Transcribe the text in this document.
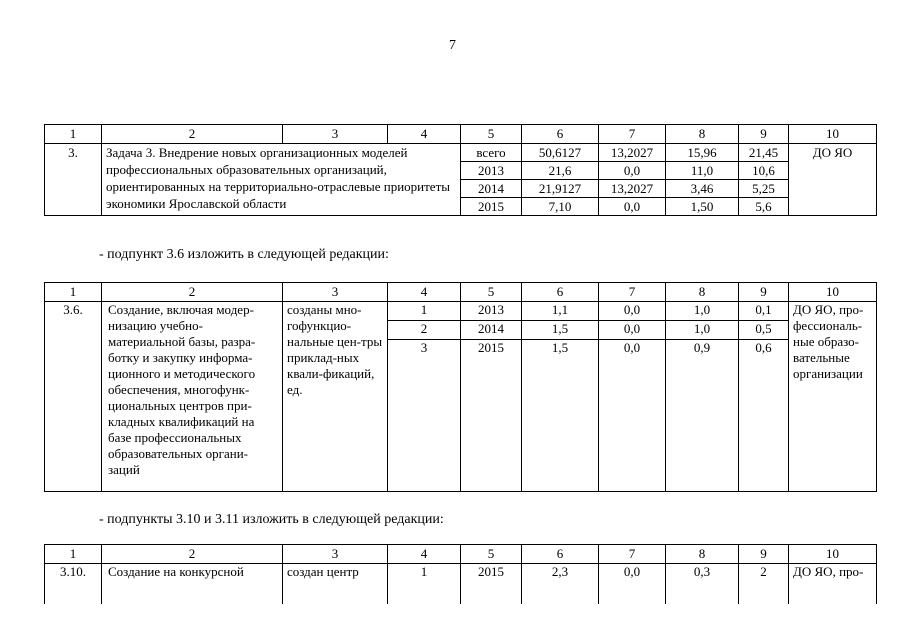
7
1	2	3	4	5	6	7	8	9	10
3.	Задача 3. Внедрение новых организационных моделей профессиональных образовательных организаций, ориентированных на территориально-отраслевые приоритеты экономики Ярославской области			всего	50,6127	13,2027	15,96	21,45	ДО ЯО
				2013	21,6	0,0	11,0	10,6	
				2014	21,9127	13,2027	3,46	5,25	
				2015	7,10	0,0	1,50	5,6	
- подпункт 3.6 изложить в следующей редакции:
1	2	3	4	5	6	7	8	9	10
3.6.	Создание, включая модер-низацию учебно-материальной базы, разра-ботку и закупку информа-ционного и методического обеспечения, многофунк-циональных центров при-кладных квалификаций на базе профессиональных образовательных органи-заций	созданы мно-гофункцио-нальные цен-тры приклад-ных квали-фикаций, ед.	1	2013	1,1	0,0	1,0	0,1	ДО ЯО, про-фессиональ-ные образо-вательные организации
			2	2014	1,5	0,0	1,0	0,5	
			3	2015	1,5	0,0	0,9	0,6	

- подпункты 3.10 и 3.11 изложить в следующей редакции:
1	2	3	4	5	6	7	8	9	10
3.10.	Создание на конкурсной	создан центр	1	2015	2,3	0,0	0,3	2	ДО ЯО, про-
